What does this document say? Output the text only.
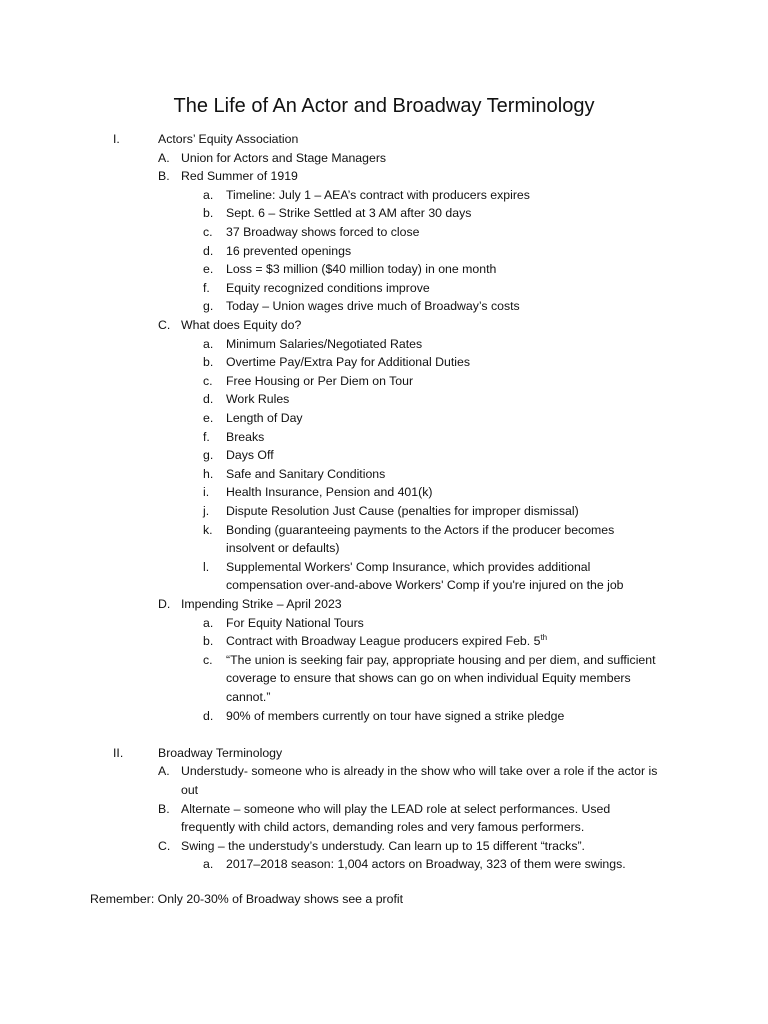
The Life of An Actor and Broadway Terminology
I.	Actors’ Equity Association
A. Union for Actors and Stage Managers
B. Red Summer of 1919
a. Timeline: July 1 – AEA’s contract with producers expires
b. Sept. 6 – Strike Settled at 3 AM after 30 days
c. 37 Broadway shows forced to close
d. 16 prevented openings
e. Loss = $3 million ($40 million today) in one month
f. Equity recognized conditions improve
g. Today – Union wages drive much of Broadway’s costs
C. What does Equity do?
a. Minimum Salaries/Negotiated Rates
b. Overtime Pay/Extra Pay for Additional Duties
c. Free Housing or Per Diem on Tour
d. Work Rules
e. Length of Day
f. Breaks
g. Days Off
h. Safe and Sanitary Conditions
i. Health Insurance, Pension and 401(k)
j. Dispute Resolution Just Cause (penalties for improper dismissal)
k. Bonding (guaranteeing payments to the Actors if the producer becomes
insolvent or defaults)
l. Supplemental Workers' Comp Insurance, which provides additional
compensation over-and-above Workers' Comp if you're injured on the job
D. Impending Strike – April 2023
a. For Equity National Tours
b. Contract with Broadway League producers expired Feb. 5th
c. “The union is seeking fair pay, appropriate housing and per diem, and sufficient
coverage to ensure that shows can go on when individual Equity members
cannot.”
d. 90% of members currently on tour have signed a strike pledge
II.	Broadway Terminology
A. Understudy- someone who is already in the show who will take over a role if the actor is
out
B. Alternate – someone who will play the LEAD role at select performances. Used
frequently with child actors, demanding roles and very famous performers.
C. Swing – the understudy’s understudy. Can learn up to 15 different “tracks”.
a. 2017–2018 season: 1,004 actors on Broadway, 323 of them were swings.
Remember: Only 20-30% of Broadway shows see a profit
